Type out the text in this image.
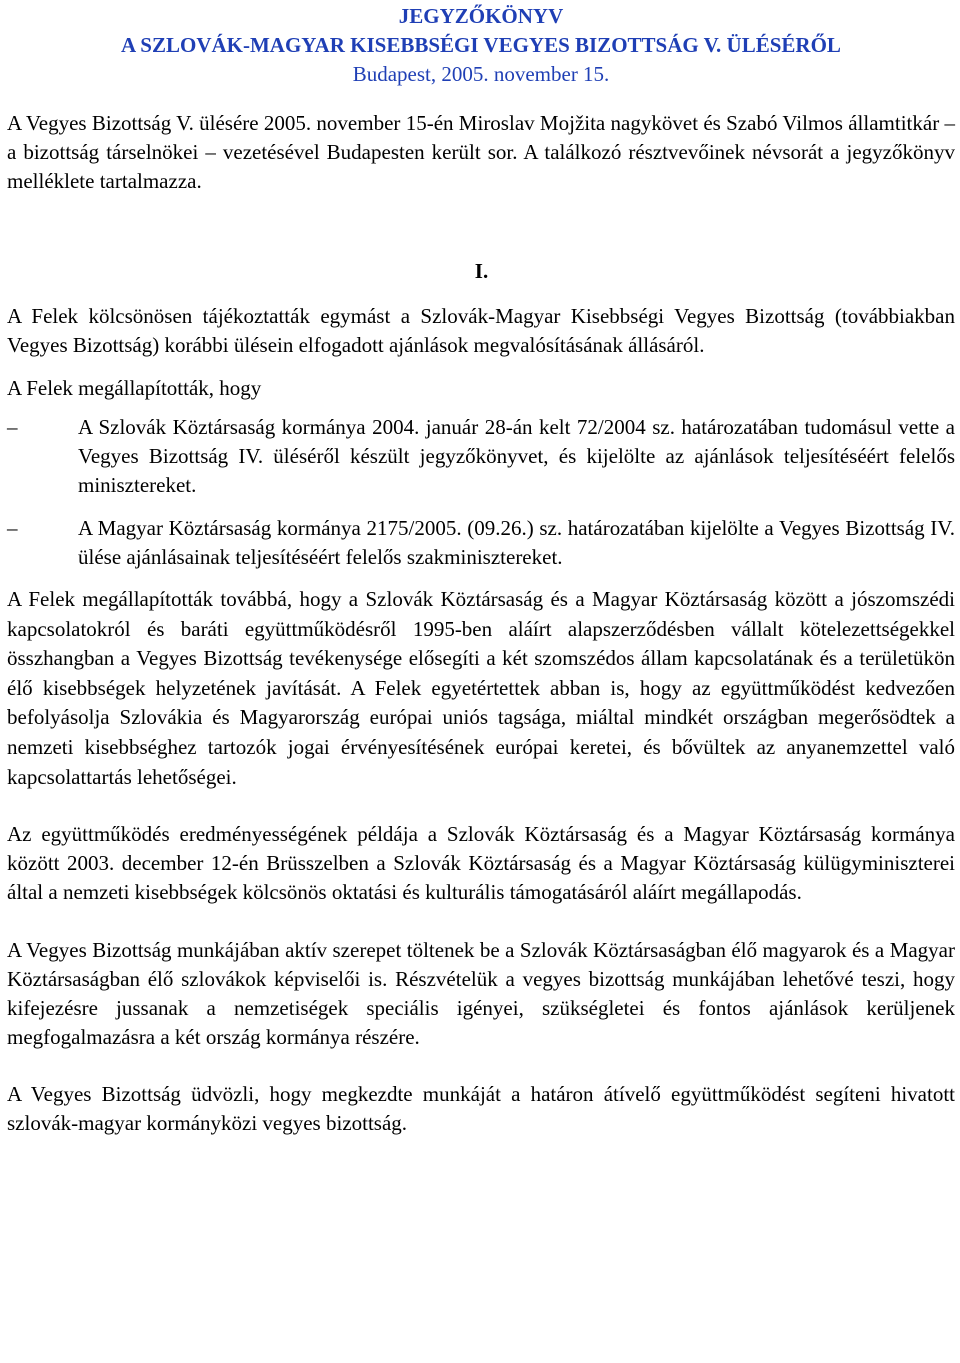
JEGYZŐKÖNYV
A SZLOVÁK-MAGYAR KISEBBSÉGI VEGYES BIZOTTSÁG V. ÜLÉSÉRŐL
Budapest, 2005. november 15.

A Vegyes Bizottság V. ülésére 2005. november 15-én Miroslav Mojžita nagykövet és Szabó Vilmos államtitkár – a bizottság társelnökei – vezetésével Budapesten került sor. A találkozó résztvevőinek névsorát a jegyzőkönyv melléklete tartalmazza.

I.

A Felek kölcsönösen tájékoztatták egymást a Szlovák-Magyar Kisebbségi Vegyes Bizottság (továbbiakban Vegyes Bizottság) korábbi ülésein elfogadott ajánlások megvalósításának állásáról.

A Felek megállapították, hogy

–	A Szlovák Köztársaság kormánya 2004. január 28-án kelt 72/2004 sz. határozatában tudomásul vette a Vegyes Bizottság IV. üléséről készült jegyzőkönyvet, és kijelölte az ajánlások teljesítéséért felelős minisztereket.
–	A Magyar Köztársaság kormánya 2175/2005. (09.26.) sz. határozatában kijelölte a Vegyes Bizottság IV. ülése ajánlásainak teljesítéséért felelős szakminisztereket.

A Felek megállapították továbbá, hogy a Szlovák Köztársaság és a Magyar Köztársaság között a jószomszédi kapcsolatokról és baráti együttműködésről 1995-ben aláírt alapszerződésben vállalt kötelezettségekkel összhangban a Vegyes Bizottság tevékenysége elősegíti a két szomszédos állam kapcsolatának és a területükön élő kisebbségek helyzetének javítását. A Felek egyetértettek abban is, hogy az együttműködést kedvezően befolyásolja Szlovákia és Magyarország európai uniós tagsága, miáltal mindkét országban megerősödtek a nemzeti kisebbséghez tartozók jogai érvényesítésének európai keretei, és bővültek az anyanemzettel való kapcsolattartás lehetőségei.

Az együttműködés eredményességének példája a Szlovák Köztársaság és a Magyar Köztársaság kormánya között 2003. december 12-én Brüsszelben a Szlovák Köztársaság és a Magyar Köztársaság külügyminiszterei által a nemzeti kisebbségek kölcsönös oktatási és kulturális támogatásáról aláírt megállapodás.

A Vegyes Bizottság munkájában aktív szerepet töltenek be a Szlovák Köztársaságban élő magyarok és a Magyar Köztársaságban élő szlovákok képviselői is. Részvételük a vegyes bizottság munkájában lehetővé teszi, hogy kifejezésre jussanak a nemzetiségek speciális igényei, szükségletei és fontos ajánlások kerüljenek megfogalmazásra a két ország kormánya részére.

A Vegyes Bizottság üdvözli, hogy megkezdte munkáját a határon átívelő együttműködést segíteni hivatott szlovák-magyar kormányközi vegyes bizottság.
